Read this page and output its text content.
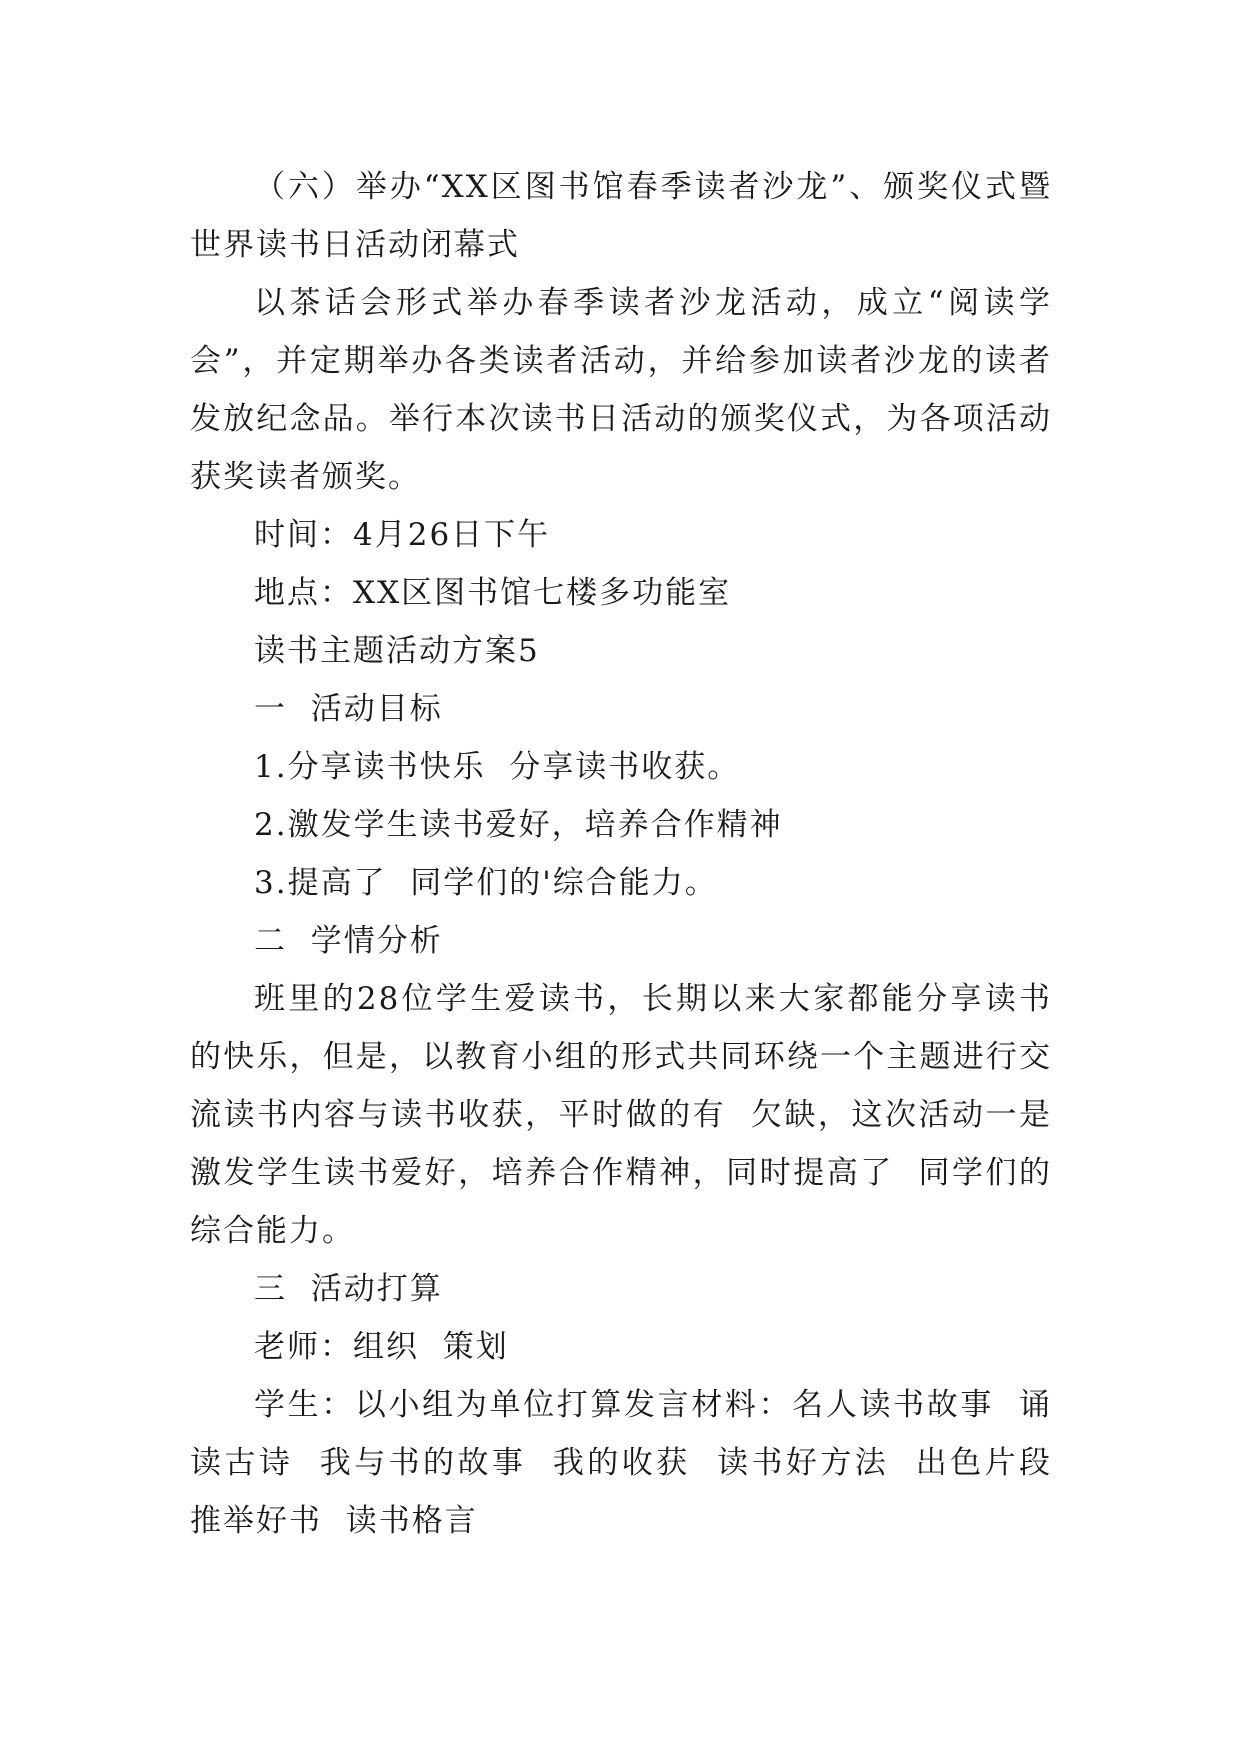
（六）举办“XX区图书馆春季读者沙龙”、颁奖仪式暨世界读书日活动闭幕式

以茶话会形式举办春季读者沙龙活动，成立“阅读学会”，并定期举办各类读者活动，并给参加读者沙龙的读者发放纪念品。举行本次读书日活动的颁奖仪式，为各项活动获奖读者颁奖。

时间：4月26日下午

地点：XX区图书馆七楼多功能室

读书主题活动方案5

一  活动目标

1.分享读书快乐  分享读书收获。

2.激发学生读书爱好，培养合作精神

3.提高了  同学们的'综合能力。

二  学情分析

班里的28位学生爱读书，长期以来大家都能分享读书的快乐，但是，以教育小组的形式共同环绕一个主题进行交流读书内容与读书收获，平时做的有  欠缺，这次活动一是激发学生读书爱好，培养合作精神，同时提高了  同学们的综合能力。

三  活动打算

老师：组织  策划

学生：以小组为单位打算发言材料：名人读书故事  诵读古诗  我与书的故事  我的收获  读书好方法  出色片段  推举好书  读书格言
